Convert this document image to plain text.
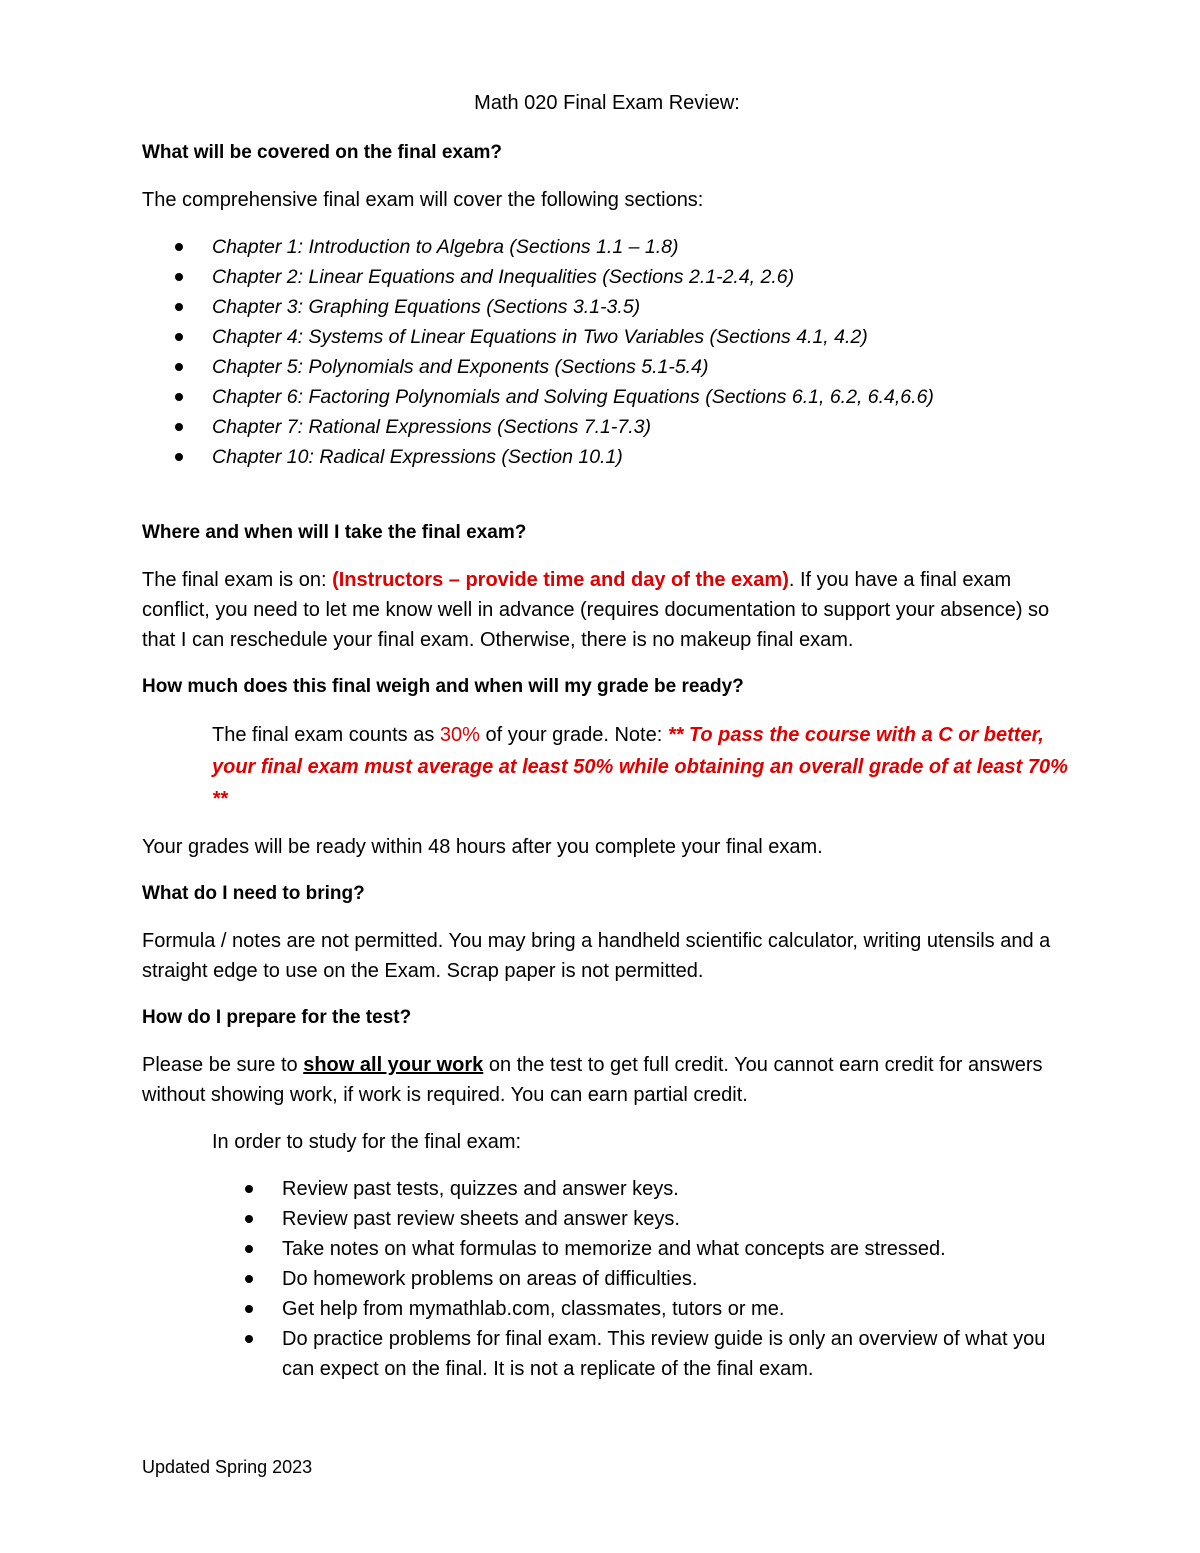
Math 020 Final Exam Review:
What will be covered on the final exam?

The comprehensive final exam will cover the following sections:

Chapter 1: Introduction to Algebra (Sections 1.1 – 1.8)
Chapter 2: Linear Equations and Inequalities (Sections 2.1-2.4, 2.6)
Chapter 3: Graphing Equations (Sections 3.1-3.5)
Chapter 4: Systems of Linear Equations in Two Variables (Sections 4.1, 4.2)
Chapter 5: Polynomials and Exponents (Sections 5.1-5.4)
Chapter 6: Factoring Polynomials and Solving Equations (Sections 6.1, 6.2, 6.4,6.6)
Chapter 7: Rational Expressions (Sections 7.1-7.3)
Chapter 10: Radical Expressions (Section 10.1)
Where and when will I take the final exam?

The final exam is on: (Instructors – provide time and day of the exam). If you have a final exam conflict, you need to let me know well in advance (requires documentation to support your absence) so that I can reschedule your final exam. Otherwise, there is no makeup final exam.

How much does this final weigh and when will my grade be ready?
The final exam counts as 30% of your grade. Note: ** To pass the course with a C or better, your final exam must average at least 50% while obtaining an overall grade of at least 70% **

Your grades will be ready within 48 hours after you complete your final exam.

What do I need to bring?

Formula / notes are not permitted. You may bring a handheld scientific calculator, writing utensils and a straight edge to use on the Exam. Scrap paper is not permitted.

How do I prepare for the test?

Please be sure to show all your work on the test to get full credit. You cannot earn credit for answers without showing work, if work is required. You can earn partial credit.

In order to study for the final exam:

Review past tests, quizzes and answer keys.
Review past review sheets and answer keys.
Take notes on what formulas to memorize and what concepts are stressed.
Do homework problems on areas of difficulties.
Get help from mymathlab.com, classmates, tutors or me.
Do practice problems for final exam. This review guide is only an overview of what you can expect on the final. It is not a replicate of the final exam.
Updated Spring 2023
